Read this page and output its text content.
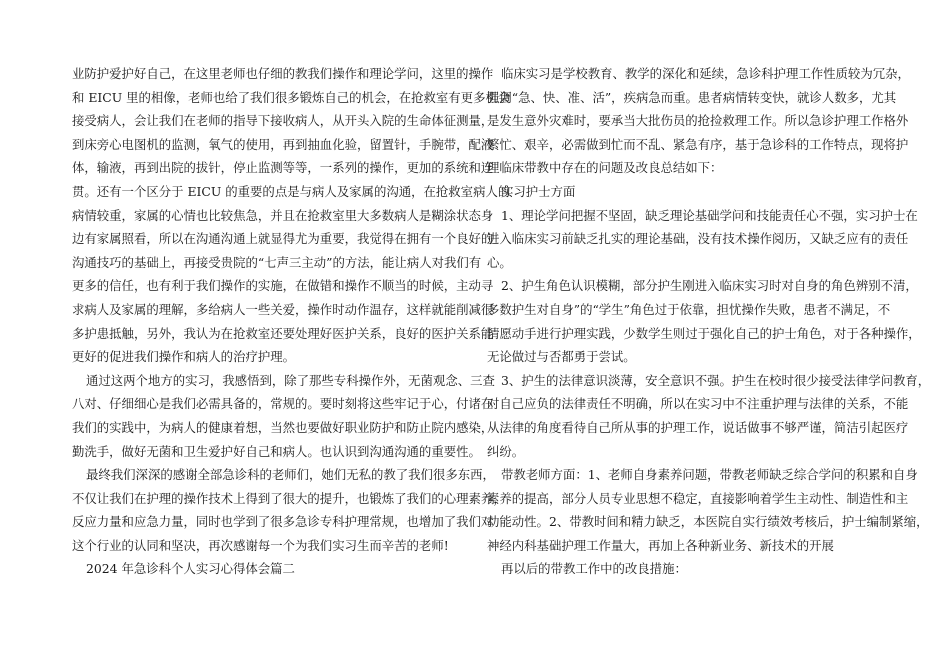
业防护爱护好自己，在这里老师也仔细的教我们操作和理论学问，这里的操作
和 EICU 里的相像，老师也给了我们很多锻炼自己的机会，在抢救室有更多机会
接受病人，会让我们在老师的指导下接收病人，从开头入院的生命体征测量，
到床旁心电图机的监测，氧气的使用，再到抽血化验，留置针，手腕带，配液
体，输液，再到出院的拔针，停止监测等等，一系列的操作，更加的系统和连
贯。还有一个区分于 EICU 的重要的点是与病人及家属的沟通，在抢救室病人的
病情较重，家属的心情也比较焦急，并且在抢救室里大多数病人是糊涂状态身
边有家属照看，所以在沟通沟通上就显得尤为重要，我觉得在拥有一个良好的
沟通技巧的基础上，再接受贵院的“七声三主动”的方法，能让病人对我们有
更多的信任，也有利于我们操作的实施，在做错和操作不顺当的时候，主动寻
求病人及家属的理解，多给病人一些关爱，操作时动作温存，这样就能削减很
多护患抵触，另外，我认为在抢救室还要处理好医护关系，良好的医护关系能
更好的促进我们操作和病人的治疗护理。
通过这两个地方的实习，我感悟到，除了那些专科操作外，无菌观念、三查
八对、仔细细心是我们必需具备的，常规的。要时刻将这些牢记于心，付诸在
我们的实践中，为病人的健康着想，当然也要做好职业防护和防止院内感染，
勤洗手，做好无菌和卫生爱护好自己和病人。也认识到沟通沟通的重要性。
最终我们深深的感谢全部急诊科的老师们，她们无私的教了我们很多东西，
不仅让我们在护理的操作技术上得到了很大的提升，也锻炼了我们的心理素养，
反应力量和应急力量，同时也学到了很多急诊专科护理常规，也增加了我们对
这个行业的认同和坚决，再次感谢每一个为我们实习生而辛苦的老师!
2024 年急诊科个人实习心得体会篇二
临床实习是学校教育、教学的深化和延续，急诊科护理工作性质较为冗杂，
强调“急、快、准、活”，疾病急而重。患者病情转变快，就诊人数多，尤其
是发生意外灾难时，要承当大批伤员的抢捡救理工作。所以急诊护理工作格外
繁忙、艰辛，必需做到忙而不乱、紧急有序，基于急诊科的工作特点，现将护
理临床带教中存在的问题及改良总结如下：
实习护士方面
1、理论学问把握不坚固，缺乏理论基础学问和技能责任心不强，实习护士在
进入临床实习前缺乏扎实的理论基础，没有技术操作阅历，又缺乏应有的责任
心。
2、护生角色认识模糊，部分护生刚进入临床实习时对自身的角色辨别不清，
多数护生对自身”的“学生”角色过于依靠，担忧操作失败，患者不满足，不
情愿动手进行护理实践，少数学生则过于强化自己的护士角色，对于各种操作，
无论做过与否都勇于尝试。
3、护生的法律意识淡薄，安全意识不强。护生在校时很少接受法律学问教育，
对自己应负的法律责任不明确，所以在实习中不注重护理与法律的关系，不能
从法律的角度看待自己所从事的护理工作，说话做事不够严谨，简洁引起医疗
纠纷。
带教老师方面：1、老师自身素养问题，带教老师缺乏综合学问的积累和自身
素养的提高，部分人员专业思想不稳定，直接影响着学生主动性、制造性和主
动能动性。2、带教时间和精力缺乏，本医院自实行绩效考核后，护士编制紧缩，
神经内科基础护理工作量大，再加上各种新业务、新技术的开展
再以后的带教工作中的改良措施：
